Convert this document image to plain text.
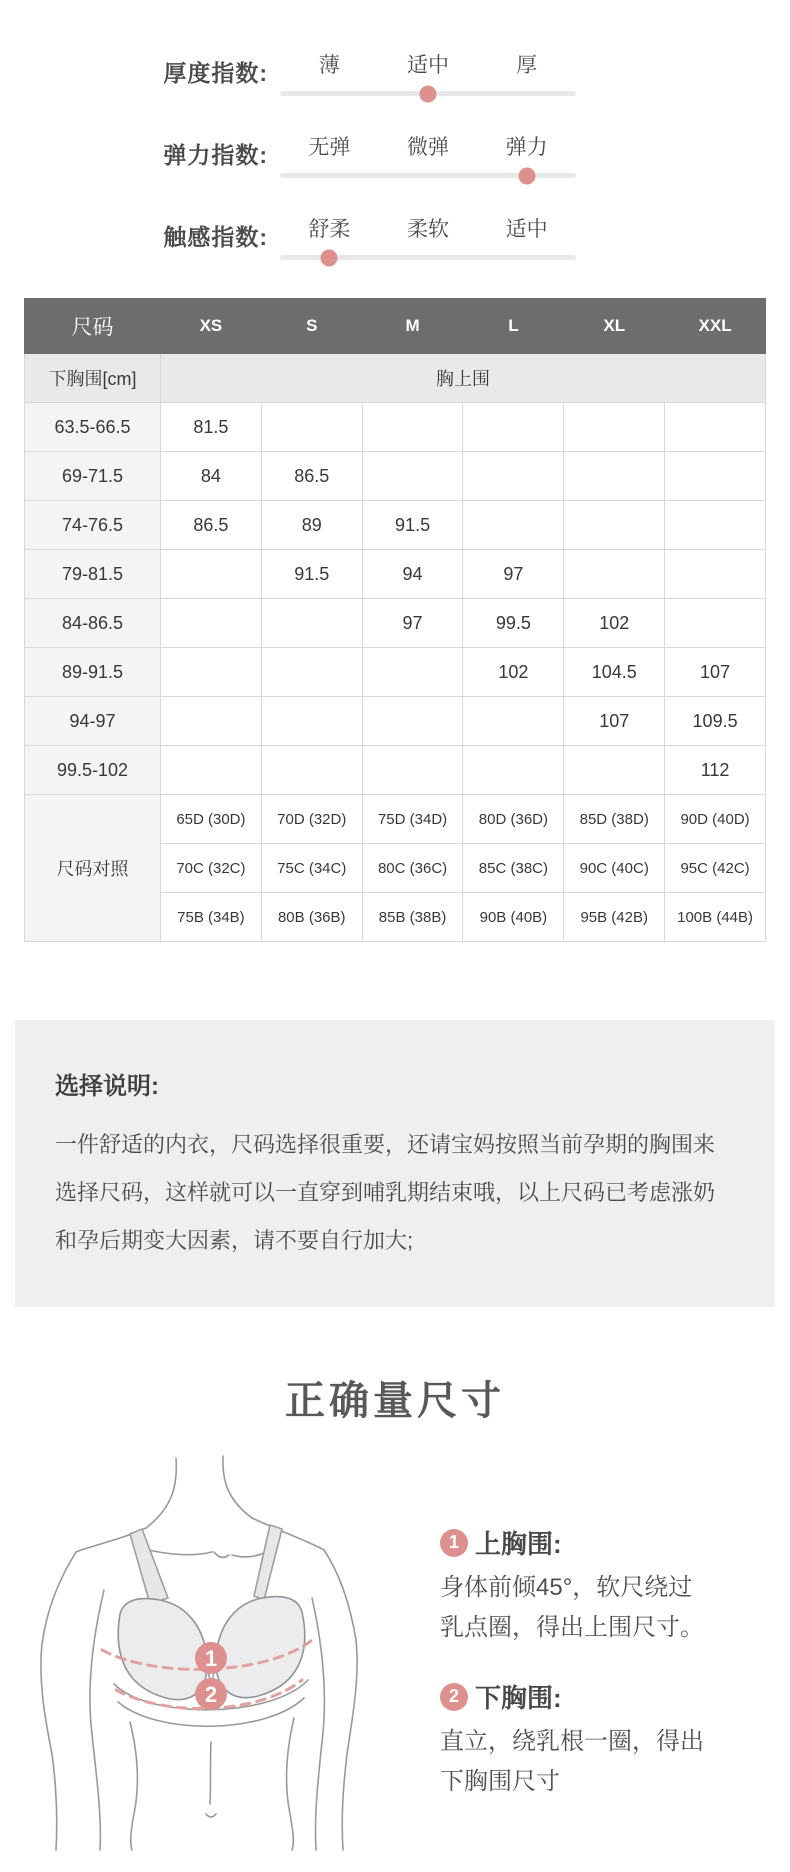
厚度指数:	薄	适中	厚
弹力指数:	无弹	微弹	弹力
触感指数:	舒柔	柔软	适中
尺码	XS	S	M	L	XL	XXL
下胸围[cm]	胸上围					
63.5-66.5	81.5					
69-71.5	84	86.5				
74-76.5	86.5	89	91.5			
79-81.5		91.5	94	97		
84-86.5			97	99.5	102	
89-91.5				102	104.5	107
94-97					107	109.5
99.5-102						112
尺码对照	65D (30D)	70D (32D)	75D (34D)	80D (36D)	85D (38D)	90D (40D)
	70C (32C)	75C (34C)	80C (36C)	85C (38C)	90C (40C)	95C (42C)
	75B (34B)	80B (36B)	85B (38B)	90B (40B)	95B (42B)	100B (44B)
选择说明:
一件舒适的内衣，尺码选择很重要，还请宝妈按照当前孕期的胸围来选择尺码，这样就可以一直穿到哺乳期结束哦，以上尺码已考虑涨奶和孕后期变大因素，请不要自行加大;
正确量尺寸
1
2
1 上胸围:
身体前倾45°，软尺绕过
乳点圈，得出上围尺寸。
2 下胸围:
直立，绕乳根一圈，得出
下胸围尺寸
